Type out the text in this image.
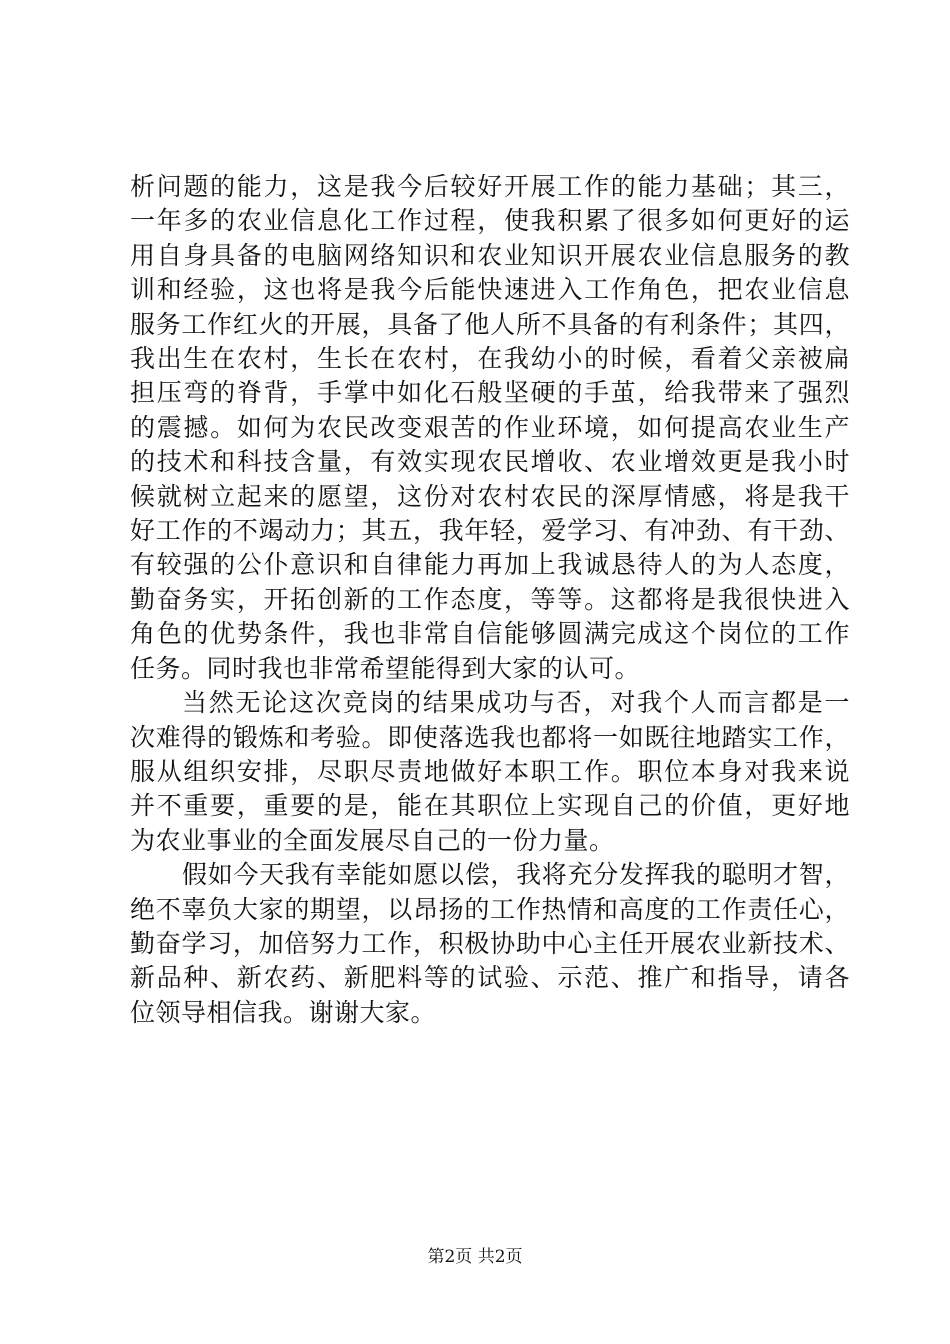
析问题的能力，这是我今后较好开展工作的能力基础；其三，
一年多的农业信息化工作过程，使我积累了很多如何更好的运
用自身具备的电脑网络知识和农业知识开展农业信息服务的教
训和经验，这也将是我今后能快速进入工作角色，把农业信息
服务工作红火的开展，具备了他人所不具备的有利条件；其四，
我出生在农村，生长在农村，在我幼小的时候，看着父亲被扁
担压弯的脊背，手掌中如化石般坚硬的手茧，给我带来了强烈
的震撼。如何为农民改变艰苦的作业环境，如何提高农业生产
的技术和科技含量，有效实现农民增收、农业增效更是我小时
候就树立起来的愿望，这份对农村农民的深厚情感，将是我干
好工作的不竭动力；其五，我年轻，爱学习、有冲劲、有干劲、
有较强的公仆意识和自律能力再加上我诚恳待人的为人态度，
勤奋务实，开拓创新的工作态度，等等。这都将是我很快进入
角色的优势条件，我也非常自信能够圆满完成这个岗位的工作
任务。同时我也非常希望能得到大家的认可。
当然无论这次竞岗的结果成功与否，对我个人而言都是一
次难得的锻炼和考验。即使落选我也都将一如既往地踏实工作，
服从组织安排，尽职尽责地做好本职工作。职位本身对我来说
并不重要，重要的是，能在其职位上实现自己的价值，更好地
为农业事业的全面发展尽自己的一份力量。
假如今天我有幸能如愿以偿，我将充分发挥我的聪明才智，
绝不辜负大家的期望，以昂扬的工作热情和高度的工作责任心，
勤奋学习，加倍努力工作，积极协助中心主任开展农业新技术、
新品种、新农药、新肥料等的试验、示范、推广和指导，请各
位领导相信我。谢谢大家。
第2页 共2页
